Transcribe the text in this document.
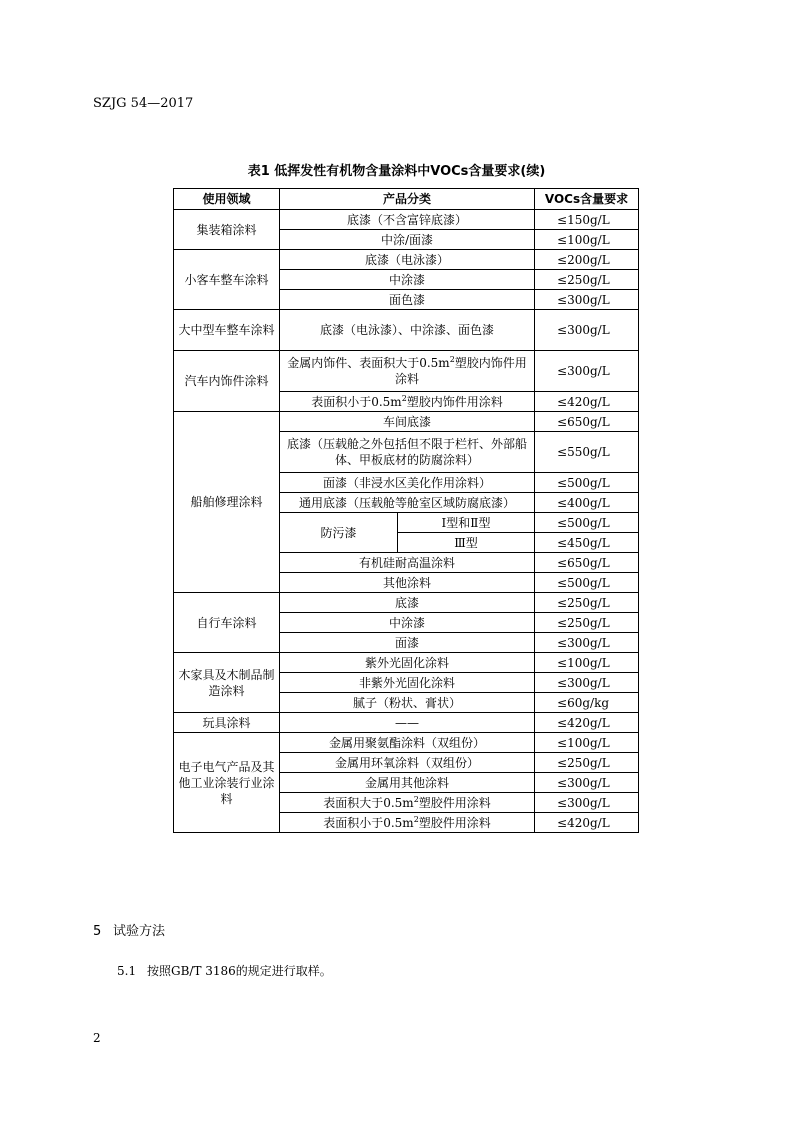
SZJG 54—2017
表1 低挥发性有机物含量涂料中VOCs含量要求(续)
使用领域	产品分类		VOCs含量要求
集装箱涂料	底漆（不含富锌底漆）		≤150g/L
	中涂/面漆		≤100g/L
小客车整车涂料	底漆（电泳漆）		≤200g/L
	中涂漆		≤250g/L
	面色漆		≤300g/L
大中型车整车涂料	底漆（电泳漆）、中涂漆、面色漆		≤300g/L
汽车内饰件涂料	金属内饰件、表面积大于$0.5m^2$塑胶内饰件用涂料		≤300g/L
	表面积小于$0.5m^2$塑胶内饰件用涂料		≤420g/L
船舶修理涂料	车间底漆		≤650g/L
	底漆（压载舱之外包括但不限于栏杆、外部船体、甲板底材的防腐涂料）		≤550g/L
	面漆（非浸水区美化作用涂料）		≤500g/L
	通用底漆（压载舱等舱室区域防腐底漆）		≤400g/L
	防污漆	Ⅰ型和Ⅱ型	≤500g/L
		Ⅲ型	≤450g/L
	有机硅耐高温涂料		≤650g/L
	其他涂料		≤500g/L
自行车涂料	底漆		≤250g/L
	中涂漆		≤250g/L
	面漆		≤300g/L
木家具及木制品制造涂料	紫外光固化涂料		≤100g/L
	非紫外光固化涂料		≤300g/L
	腻子（粉状、膏状）		≤60g/kg
玩具涂料	——		≤420g/L
电子电气产品及其他工业涂装行业涂料	金属用聚氨酯涂料（双组份）		≤100g/L
	金属用环氧涂料（双组份）		≤250g/L
	金属用其他涂料		≤300g/L
	表面积大于$0.5m^2$塑胶件用涂料		≤300g/L
	表面积小于$0.5m^2$塑胶件用涂料		≤420g/L
5 试验方法
5.1 按照GB/T 3186的规定进行取样。
2
